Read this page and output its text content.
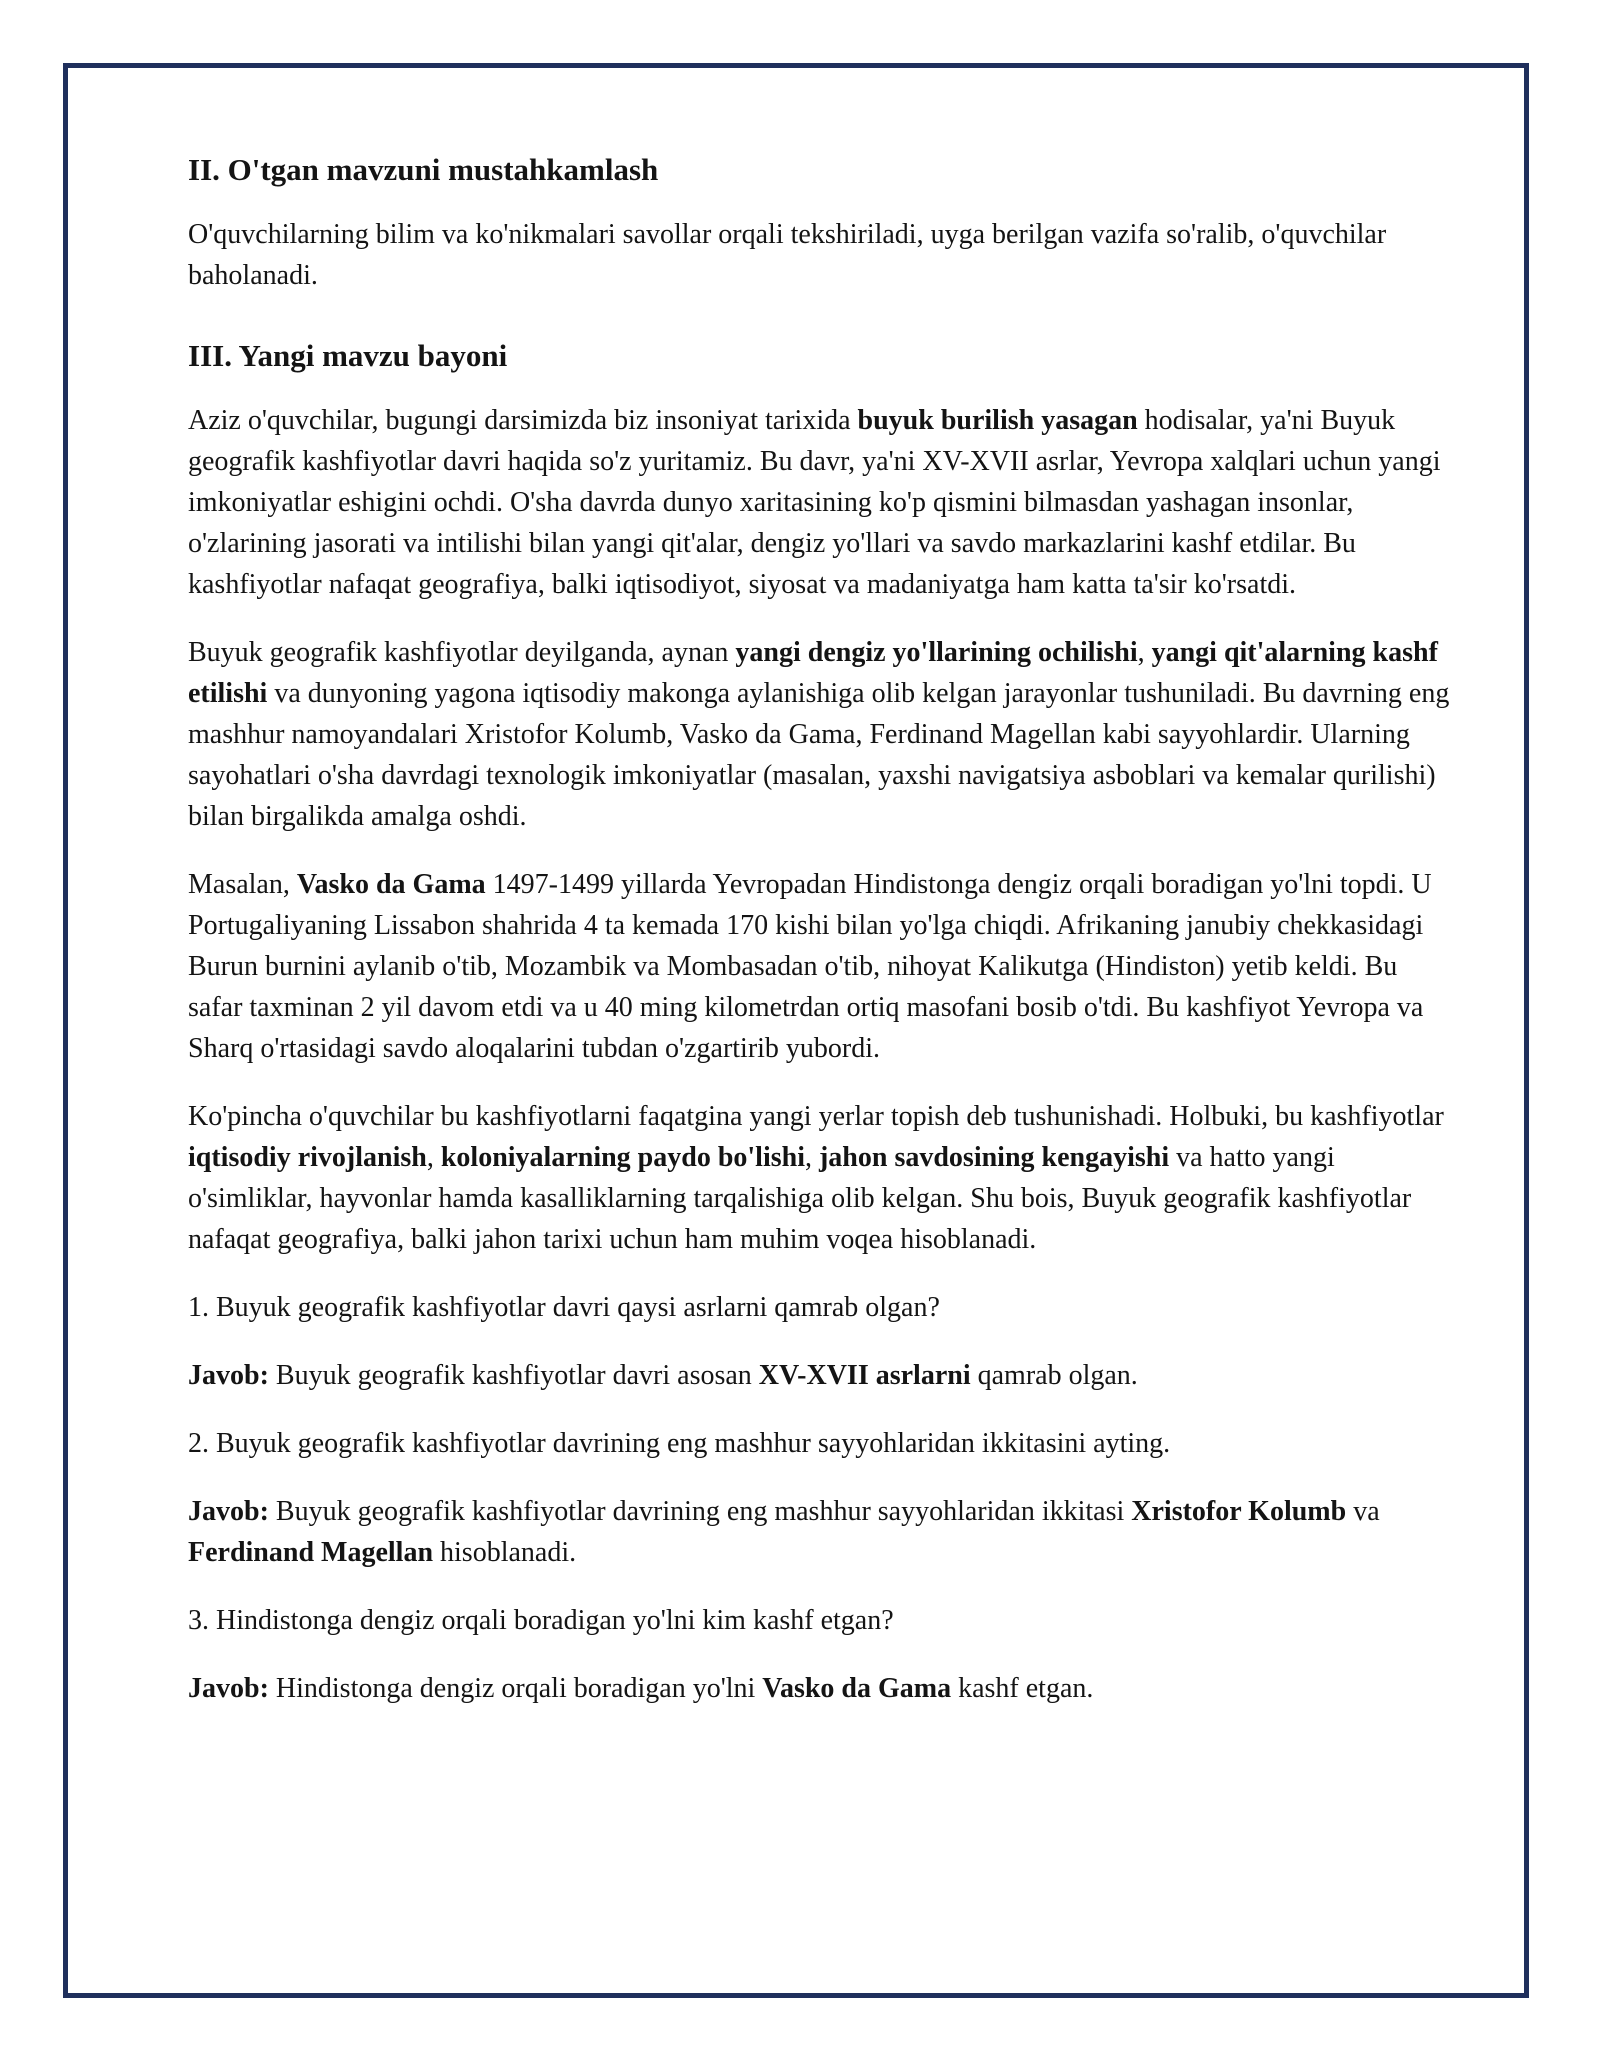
II. O'tgan mavzuni mustahkamlash

O'quvchilarning bilim va ko'nikmalari savollar orqali tekshiriladi, uyga berilgan vazifa so'ralib, o'quvchilar baholanadi.

III. Yangi mavzu bayoni

Aziz o'quvchilar, bugungi darsimizda biz insoniyat tarixida buyuk burilish yasagan hodisalar, ya'ni Buyuk geografik kashfiyotlar davri haqida so'z yuritamiz. Bu davr, ya'ni XV-XVII asrlar, Yevropa xalqlari uchun yangi imkoniyatlar eshigini ochdi. O'sha davrda dunyo xaritasining ko'p qismini bilmasdan yashagan insonlar, o'zlarining jasorati va intilishi bilan yangi qit'alar, dengiz yo'llari va savdo markazlarini kashf etdilar. Bu kashfiyotlar nafaqat geografiya, balki iqtisodiyot, siyosat va madaniyatga ham katta ta'sir ko'rsatdi.

Buyuk geografik kashfiyotlar deyilganda, aynan yangi dengiz yo'llarining ochilishi, yangi qit'alarning kashf etilishi va dunyoning yagona iqtisodiy makonga aylanishiga olib kelgan jarayonlar tushuniladi. Bu davrning eng mashhur namoyandalari Xristofor Kolumb, Vasko da Gama, Ferdinand Magellan kabi sayyohlardir. Ularning sayohatlari o'sha davrdagi texnologik imkoniyatlar (masalan, yaxshi navigatsiya asboblari va kemalar qurilishi) bilan birgalikda amalga oshdi.

Masalan, Vasko da Gama 1497-1499 yillarda Yevropadan Hindistonga dengiz orqali boradigan yo'lni topdi. U Portugaliyaning Lissabon shahrida 4 ta kemada 170 kishi bilan yo'lga chiqdi. Afrikaning janubiy chekkasidagi Burun burnini aylanib o'tib, Mozambik va Mombasadan o'tib, nihoyat Kalikutga (Hindiston) yetib keldi. Bu safar taxminan 2 yil davom etdi va u 40 ming kilometrdan ortiq masofani bosib o'tdi. Bu kashfiyot Yevropa va Sharq o'rtasidagi savdo aloqalarini tubdan o'zgartirib yubordi.

Ko'pincha o'quvchilar bu kashfiyotlarni faqatgina yangi yerlar topish deb tushunishadi. Holbuki, bu kashfiyotlar iqtisodiy rivojlanish, koloniyalarning paydo bo'lishi, jahon savdosining kengayishi va hatto yangi o'simliklar, hayvonlar hamda kasalliklarning tarqalishiga olib kelgan. Shu bois, Buyuk geografik kashfiyotlar nafaqat geografiya, balki jahon tarixi uchun ham muhim voqea hisoblanadi.

1. Buyuk geografik kashfiyotlar davri qaysi asrlarni qamrab olgan?

Javob: Buyuk geografik kashfiyotlar davri asosan XV-XVII asrlarni qamrab olgan.

2. Buyuk geografik kashfiyotlar davrining eng mashhur sayyohlaridan ikkitasini ayting.

Javob: Buyuk geografik kashfiyotlar davrining eng mashhur sayyohlaridan ikkitasi Xristofor Kolumb va Ferdinand Magellan hisoblanadi.

3. Hindistonga dengiz orqali boradigan yo'lni kim kashf etgan?

Javob: Hindistonga dengiz orqali boradigan yo'lni Vasko da Gama kashf etgan.
